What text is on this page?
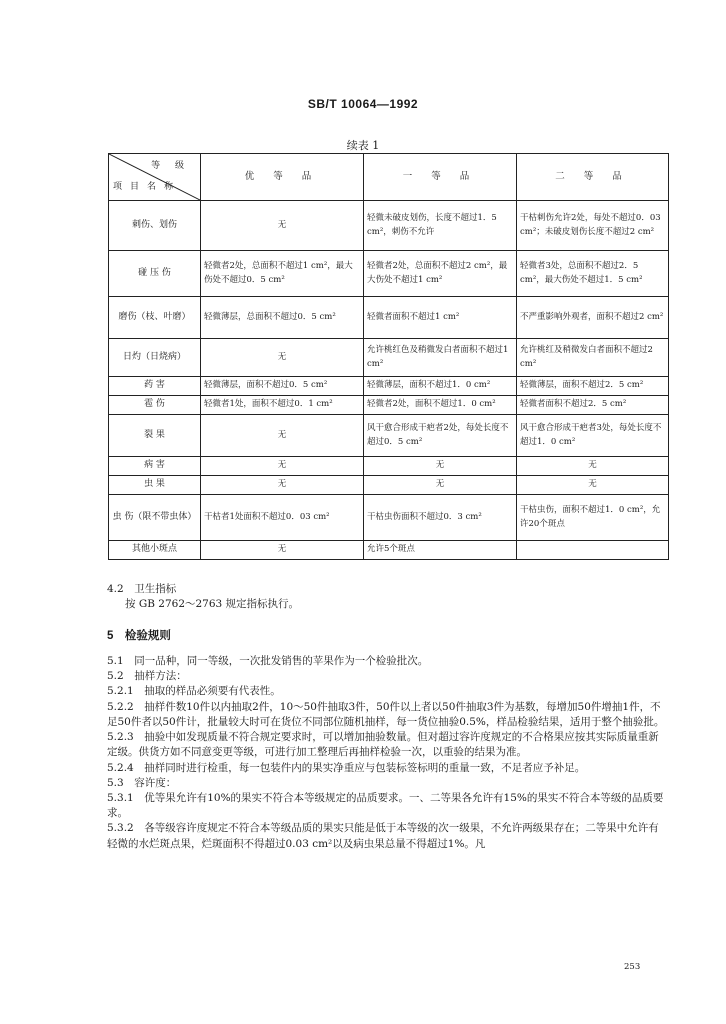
SB/T 10064—1992
续表 1
等 级
项目名称	优 等 品	一 等 品	二 等 品
刺伤、划伤	无	轻微未破皮划伤，长度不超过1．5 cm²，刺伤不允许	干枯刺伤允许2处，每处不超过0．03 cm²；未破皮划伤长度不超过2 cm²
碰 压 伤	轻微者2处，总面积不超过1 cm²，最大伤处不超过0．5 cm²	轻微者2处，总面积不超过2 cm²，最大伤处不超过1 cm²	轻微者3处，总面积不超过2．5 cm²，最大伤处不超过1．5 cm²
磨伤（枝、叶磨）	轻微薄层，总面积不超过0．5 cm²	轻微者面积不超过1 cm²	不严重影响外观者，面积不超过2 cm²
日灼（日烧病）	无	允许桃红色及稍微发白者面积不超过1 cm²	允许桃红及稍微发白者面积不超过2 cm²
药 害	轻微薄层，面积不超过0．5 cm²	轻微薄层，面积不超过1．0 cm²	轻微薄层，面积不超过2．5 cm²
雹 伤	轻微者1处，面积不超过0．1 cm²	轻微者2处，面积不超过1．0 cm²	轻微者面积不超过2．5 cm²
裂 果	无	风干愈合形成干疤者2处，每处长度不超过0．5 cm²	风干愈合形成干疤者3处，每处长度不超过1．0 cm²
病 害	无	无	无
虫 果	无	无	无
虫 伤（限不带虫体）	干枯者1处面积不超过0．03 cm²	干枯虫伤面积不超过0．3 cm²	干枯虫伤，面积不超过1．0 cm²，允许20个斑点
其他小斑点	无	允许5个斑点	

4.2　卫生指标

按 GB 2762～2763 规定指标执行。

5　检验规则

5.1　同一品种，同一等级，一次批发销售的苹果作为一个检验批次。

5.2　抽样方法：

5.2.1　抽取的样品必须要有代表性。

5.2.2　抽样件数10件以内抽取2件，10～50件抽取3件，50件以上者以50件抽取3件为基数，每增加50件增抽1件，不足50件者以50件计，批量较大时可在货位不同部位随机抽样，每一货位抽验0.5%，样品检验结果，适用于整个抽验批。

5.2.3　抽验中如发现质量不符合规定要求时，可以增加抽验数量。但对超过容许度规定的不合格果应按其实际质量重新定级。供货方如不同意变更等级，可进行加工整理后再抽样检验一次，以重验的结果为准。

5.2.4　抽样同时进行检重，每一包装件内的果实净重应与包装标签标明的重量一致，不足者应予补足。

5.3　容许度：

5.3.1　优等果允许有10%的果实不符合本等级规定的品质要求。一、二等果各允许有15%的果实不符合本等级的品质要求。

5.3.2　各等级容许度规定不符合本等级品质的果实只能是低于本等级的次一级果，不允许两级果存在；二等果中允许有轻微的水烂斑点果，烂斑面积不得超过0.03 cm²以及病虫果总量不得超过1%。凡

253
